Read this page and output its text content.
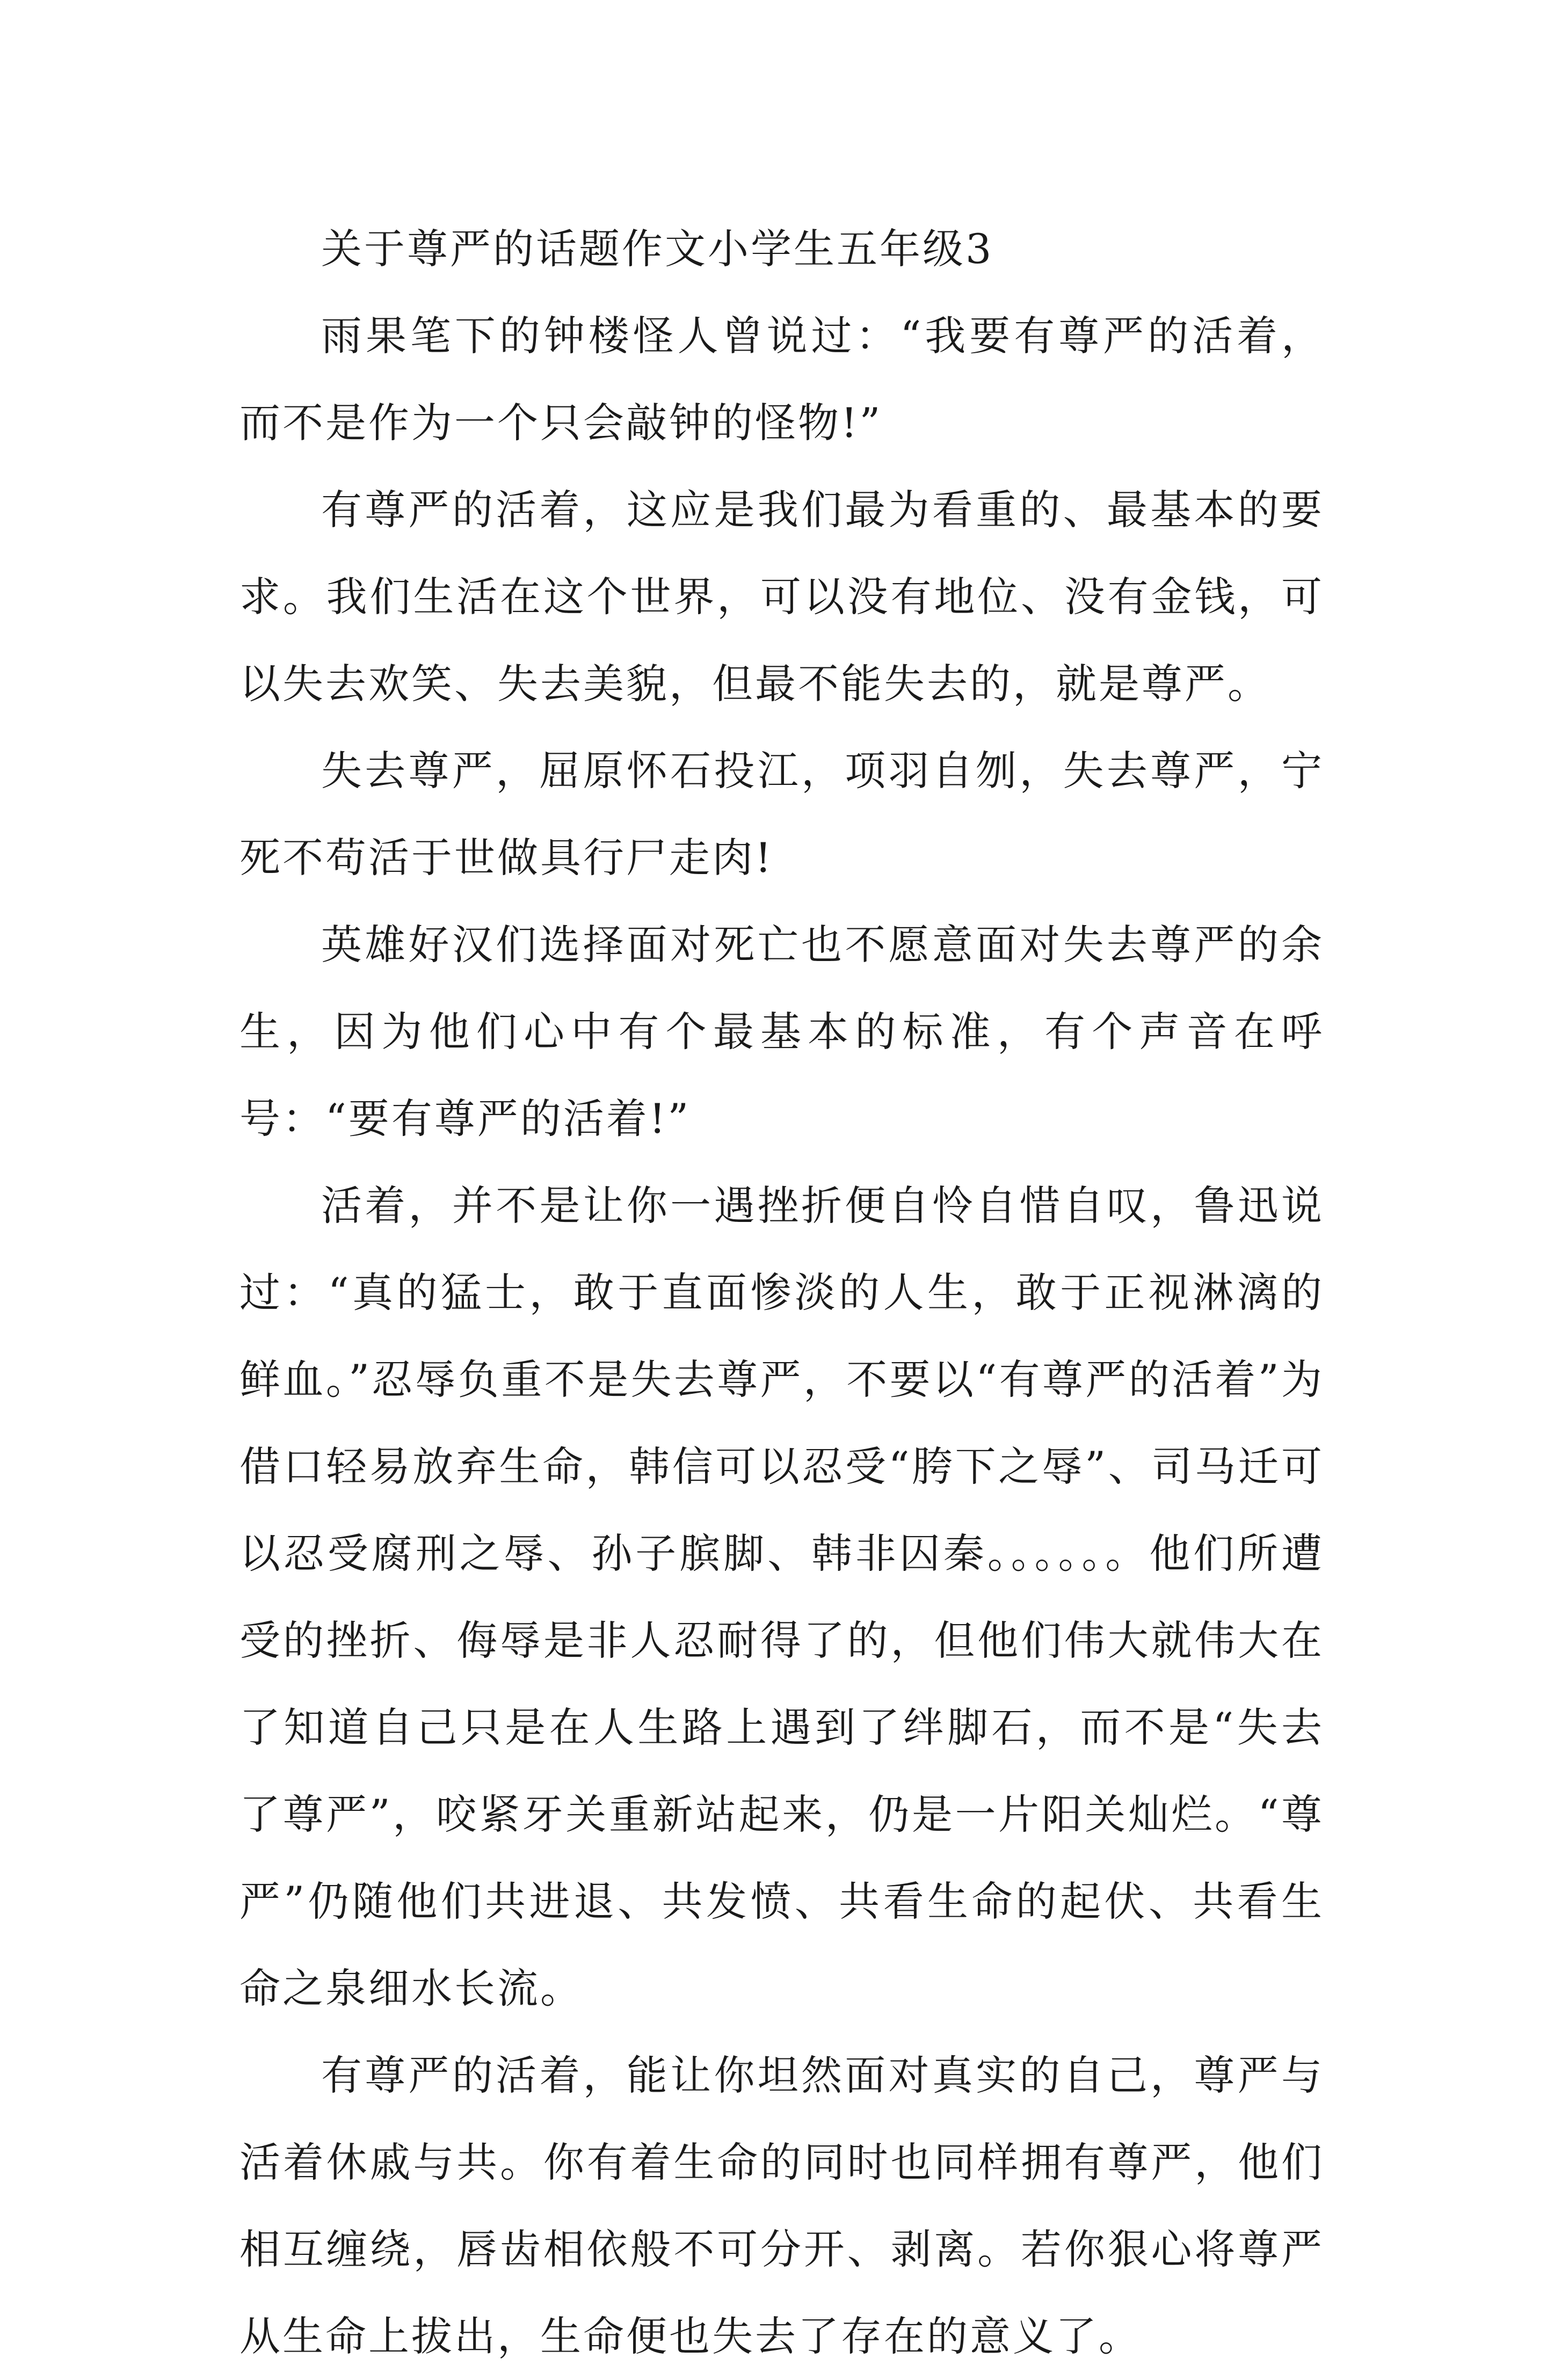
关于尊严的话题作文小学生五年级3

雨果笔下的钟楼怪人曾说过：“我要有尊严的活着，而不是作为一个只会敲钟的怪物!”

有尊严的活着，这应是我们最为看重的、最基本的要求。我们生活在这个世界，可以没有地位、没有金钱，可以失去欢笑、失去美貌，但最不能失去的，就是尊严。

失去尊严，屈原怀石投江，项羽自刎，失去尊严，宁死不苟活于世做具行尸走肉!

英雄好汉们选择面对死亡也不愿意面对失去尊严的余生，因为他们心中有个最基本的标准，有个声音在呼号：“要有尊严的活着!”

活着，并不是让你一遇挫折便自怜自惜自叹，鲁迅说过：“真的猛士，敢于直面惨淡的人生，敢于正视淋漓的鲜血。”忍辱负重不是失去尊严，不要以“有尊严的活着”为借口轻易放弃生命，韩信可以忍受“胯下之辱”、司马迁可以忍受腐刑之辱、孙子膑脚、韩非囚秦。。。。。。他们所遭受的挫折、侮辱是非人忍耐得了的，但他们伟大就伟大在了知道自己只是在人生路上遇到了绊脚石，而不是“失去了尊严”，咬紧牙关重新站起来，仍是一片阳关灿烂。“尊严”仍随他们共进退、共发愤、共看生命的起伏、共看生命之泉细水长流。

有尊严的活着，能让你坦然面对真实的自己，尊严与活着休戚与共。你有着生命的同时也同样拥有尊严，他们相互缠绕，唇齿相依般不可分开、剥离。若你狠心将尊严从生命上拔出，生命便也失去了存在的意义了。
